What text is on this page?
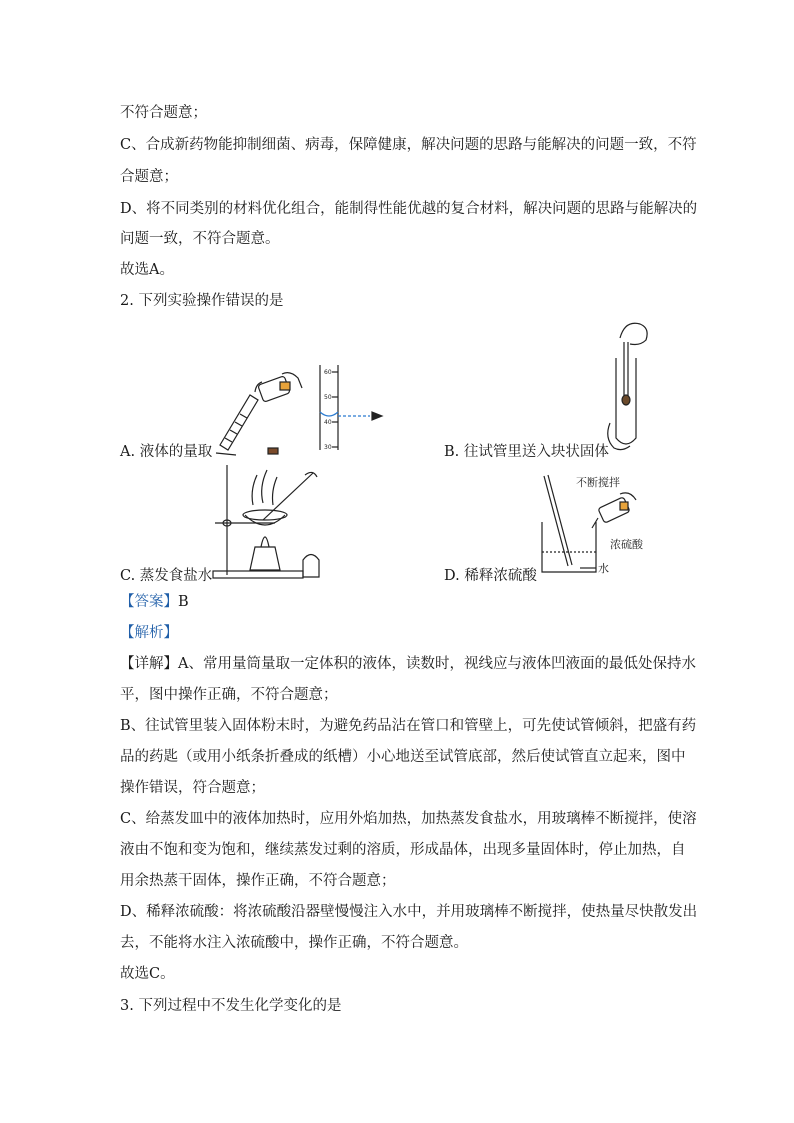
不符合题意；
C、合成新药物能抑制细菌、病毒，保障健康，解决问题的思路与能解决的问题一致，不符
合题意；
D、将不同类别的材料优化组合，能制得性能优越的复合材料，解决问题的思路与能解决的
问题一致，不符合题意。
故选A。
2. 下列实验操作错误的是
60
50
40
30
A. 液体的量取	B. 往试管里送入块状固体
C. 蒸发食盐水
不断搅拌
浓硫酸
水
D. 稀释浓硫酸
【答案】B
【解析】
【详解】A、常用量筒量取一定体积的液体，读数时，视线应与液体凹液面的最低处保持水
平，图中操作正确，不符合题意；
B、往试管里装入固体粉末时，为避免药品沾在管口和管壁上，可先使试管倾斜，把盛有药
品的药匙（或用小纸条折叠成的纸槽）小心地送至试管底部，然后使试管直立起来，图中
操作错误，符合题意；
C、给蒸发皿中的液体加热时，应用外焰加热，加热蒸发食盐水，用玻璃棒不断搅拌，使溶
液由不饱和变为饱和，继续蒸发过剩的溶质，形成晶体，出现多量固体时，停止加热，自
用余热蒸干固体，操作正确，不符合题意；
D、稀释浓硫酸：将浓硫酸沿器壁慢慢注入水中，并用玻璃棒不断搅拌，使热量尽快散发出
去，不能将水注入浓硫酸中，操作正确，不符合题意。
故选C。
3. 下列过程中不发生化学变化的是
